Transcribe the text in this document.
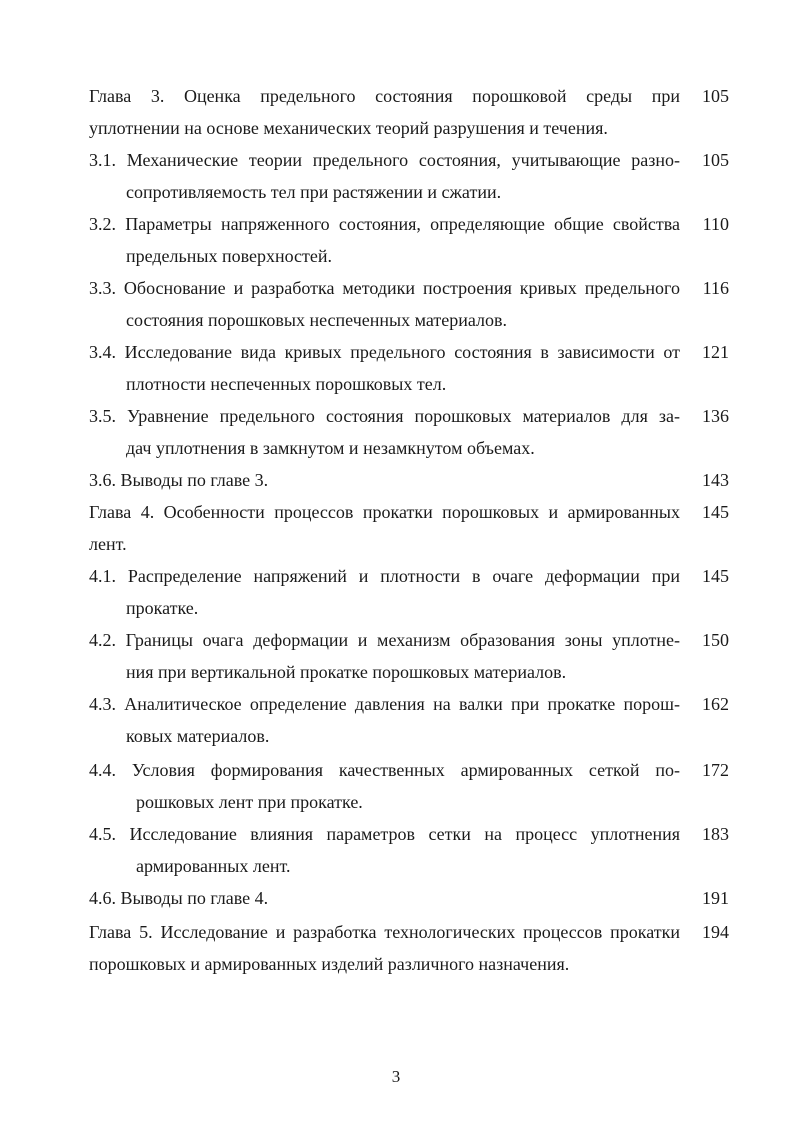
Глава 3. Оценка предельного состояния порошковой среды при 105
уплотнении на основе механических теорий разрушения и течения.
3.1. Механические теории предельного состояния, учитывающие разно- 105
сопротивляемость тел при растяжении и сжатии.
3.2. Параметры напряженного состояния, определяющие общие свойства	110
предельных поверхностей.
3.3. Обоснование и разработка методики построения кривых предельного	116
состояния порошковых неспеченных материалов.
3.4. Исследование вида кривых предельного состояния в зависимости от 121
плотности неспеченных порошковых тел.
3.5. Уравнение предельного состояния порошковых материалов для за- 136
дач уплотнения в замкнутом и незамкнутом объемах.
3.6. Выводы по главе 3.	143
Глава 4. Особенности процессов прокатки порошковых и армированных 145
лент.
4.1. Распределение напряжений и плотности в очаге деформации при 145
прокатке.
4.2. Границы очага деформации и механизм образования зоны уплотне- 150
ния при вертикальной прокатке порошковых материалов.
4.3. Аналитическое определение давления на валки при прокатке порош- 162
ковых материалов.
4.4. Условия формирования качественных армированных сеткой по- 172
рошковых лент при прокатке.
4.5. Исследование влияния параметров сетки на процесс уплотнения 183
армированных лент.
4.6. Выводы по главе 4.	191
Глава 5. Исследование и разработка технологических процессов прокатки 194
порошковых и армированных изделий различного назначения.
3
